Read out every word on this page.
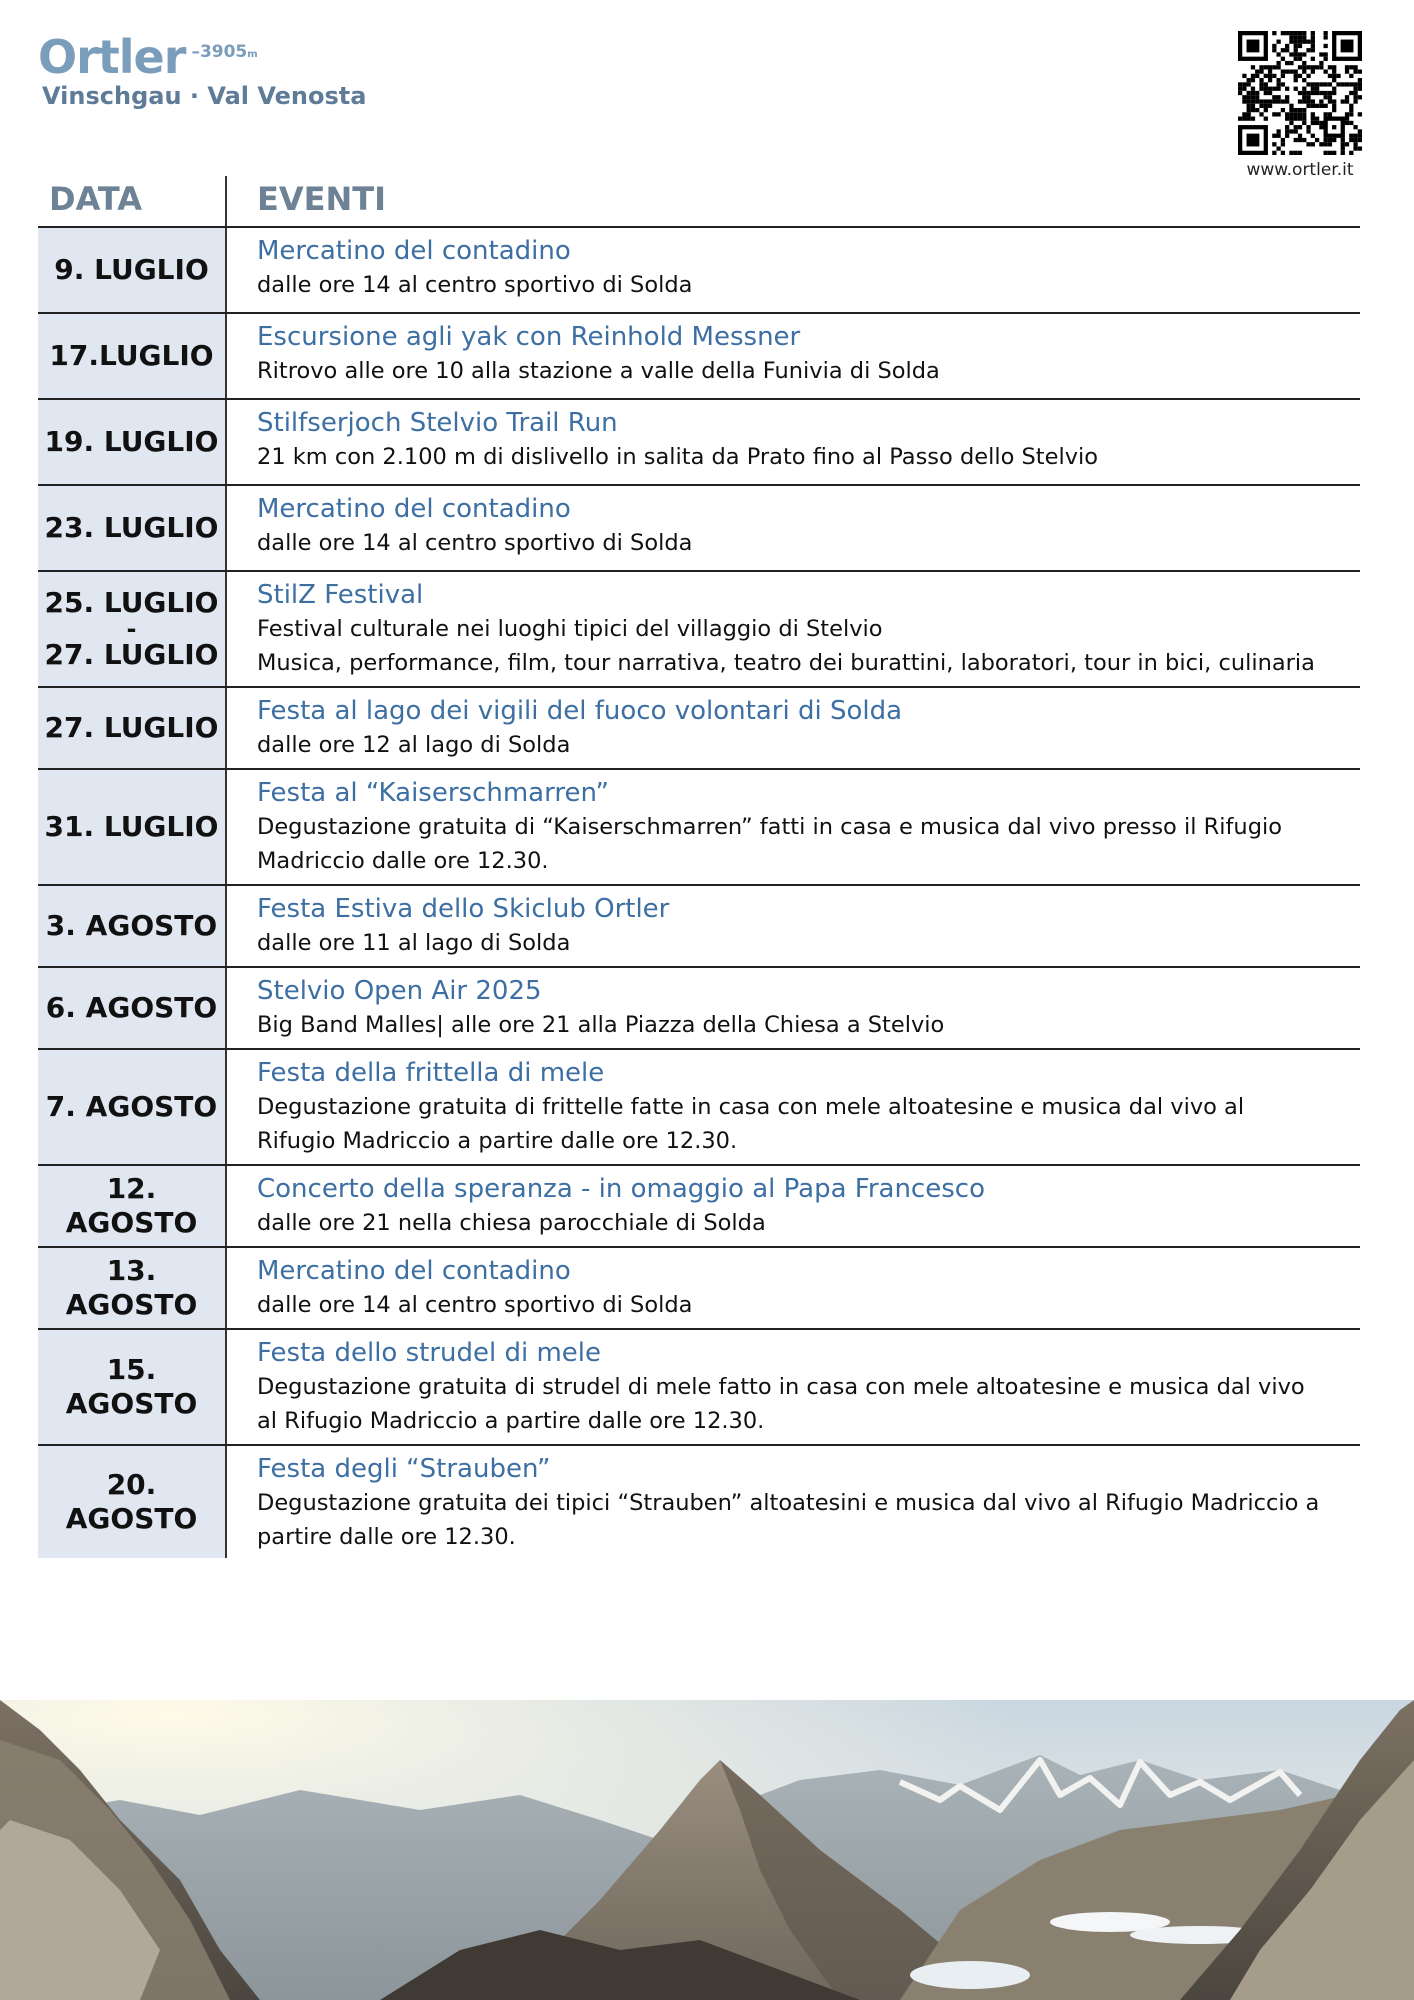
Ortler –3905m
Vinschgau · Val Venosta
www.ortler.it
DATA	EVENTI
9. LUGLIO
Mercatino del contadino
dalle ore 14 al centro sportivo di Solda
17.LUGLIO
Escursione agli yak con Reinhold Messner
Ritrovo alle ore 10 alla stazione a valle della Funivia di Solda
19. LUGLIO
Stilfserjoch Stelvio Trail Run
21 km con 2.100 m di dislivello in salita da Prato fino al Passo dello Stelvio
23. LUGLIO
Mercatino del contadino
dalle ore 14 al centro sportivo di Solda
25. LUGLIO
-
27. LUGLIO
StilZ Festival
Festival culturale nei luoghi tipici del villaggio di Stelvio
Musica, performance, film, tour narrativa, teatro dei burattini, laboratori, tour in bici, culinaria
27. LUGLIO Festa al lago dei vigili del fuoco volontari di Solda
dalle ore 12 al lago di Solda
31. LUGLIO
Festa al “Kaiserschmarren”
Degustazione gratuita di “Kaiserschmarren” fatti in casa e musica dal vivo presso il Rifugio
Madriccio dalle ore 12.30.
3. AGOSTO Festa Estiva dello Skiclub Ortler
dalle ore 11 al lago di Solda
6. AGOSTO Stelvio Open Air 2025
Big Band Malles| alle ore 21 alla Piazza della Chiesa a Stelvio
7. AGOSTO
Festa della frittella di mele
Degustazione gratuita di frittelle fatte in casa con mele altoatesine e musica dal vivo al
Rifugio Madriccio a partire dalle ore 12.30.
12. AGOSTO
Concerto della speranza - in omaggio al Papa Francesco
dalle ore 21 nella chiesa parocchiale di Solda
13. AGOSTO
Mercatino del contadino
dalle ore 14 al centro sportivo di Solda
15. AGOSTO
Festa dello strudel di mele
Degustazione gratuita di strudel di mele fatto in casa con mele altoatesine e musica dal vivo
al Rifugio Madriccio a partire dalle ore 12.30.
20. AGOSTO
Festa degli “Strauben”
Degustazione gratuita dei tipici “Strauben” altoatesini e musica dal vivo al Rifugio Madriccio a
partire dalle ore 12.30.
